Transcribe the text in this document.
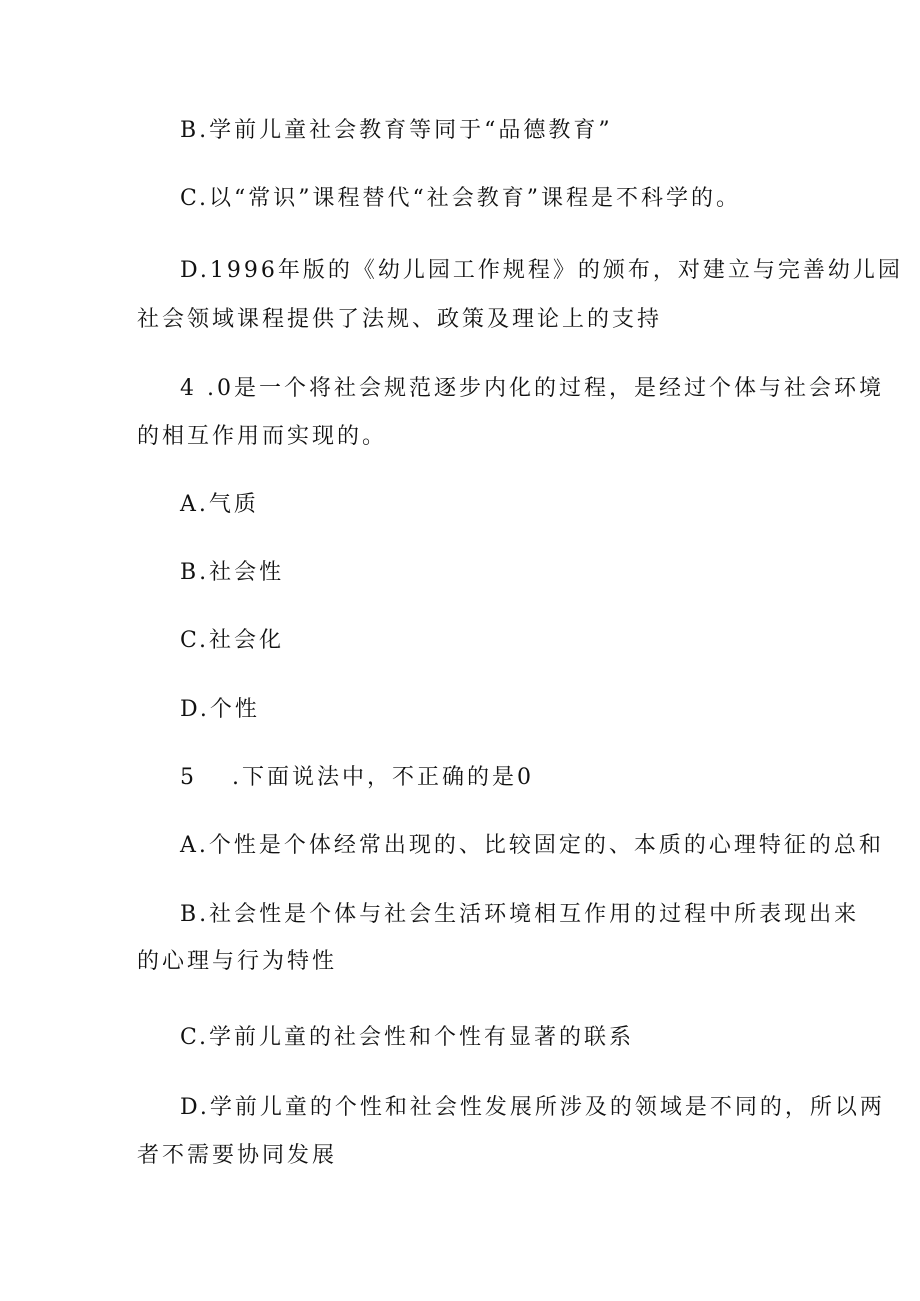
B.学前儿童社会教育等同于“品德教育”
C.以“常识”课程替代“社会教育”课程是不科学的。
D.1996年版的《幼儿园工作规程》的颁布，对建立与完善幼儿园
社会领域课程提供了法规、政策及理论上的支持
4 .0是一个将社会规范逐步内化的过程，是经过个体与社会环境
的相互作用而实现的。
A.气质
B.社会性
C.社会化
D.个性
5 .下面说法中，不正确的是0
A.个性是个体经常出现的、比较固定的、本质的心理特征的总和
B.社会性是个体与社会生活环境相互作用的过程中所表现出来
的心理与行为特性
C.学前儿童的社会性和个性有显著的联系
D.学前儿童的个性和社会性发展所涉及的领域是不同的，所以两
者不需要协同发展
